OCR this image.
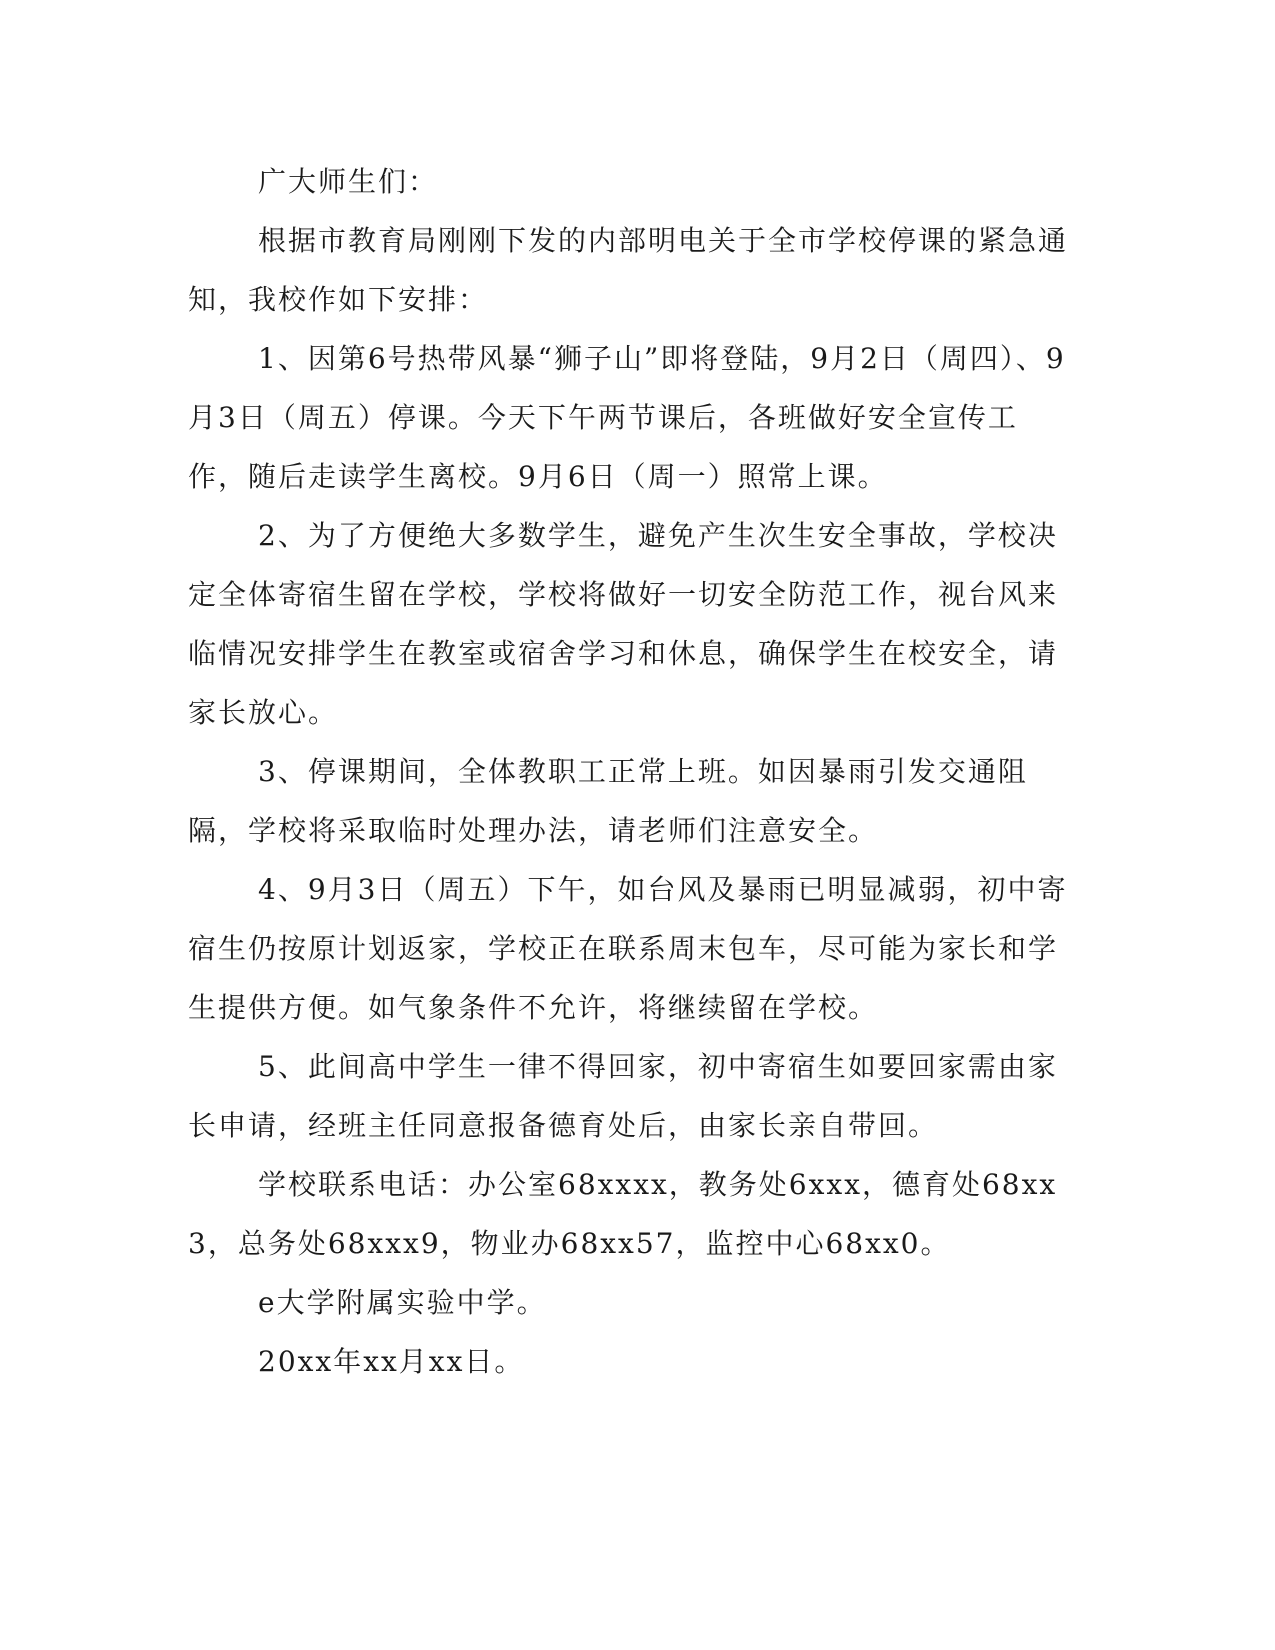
广大师生们：

根据市教育局刚刚下发的内部明电关于全市学校停课的紧急通知，我校作如下安排：

1、因第6号热带风暴“狮子山”即将登陆，9月2日（周四）、9月3日（周五）停课。今天下午两节课后，各班做好安全宣传工作，随后走读学生离校。9月6日（周一）照常上课。

2、为了方便绝大多数学生，避免产生次生安全事故，学校决定全体寄宿生留在学校，学校将做好一切安全防范工作，视台风来临情况安排学生在教室或宿舍学习和休息，确保学生在校安全，请家长放心。

3、停课期间，全体教职工正常上班。如因暴雨引发交通阻隔，学校将采取临时处理办法，请老师们注意安全。

4、9月3日（周五）下午，如台风及暴雨已明显减弱，初中寄宿生仍按原计划返家，学校正在联系周末包车，尽可能为家长和学生提供方便。如气象条件不允许，将继续留在学校。

5、此间高中学生一律不得回家，初中寄宿生如要回家需由家长申请，经班主任同意报备德育处后，由家长亲自带回。

学校联系电话：办公室68xxxx，教务处6xxx，德育处68xx3，总务处68xxx9，物业办68xx57，监控中心68xx0。

e大学附属实验中学。

20xx年xx月xx日。
